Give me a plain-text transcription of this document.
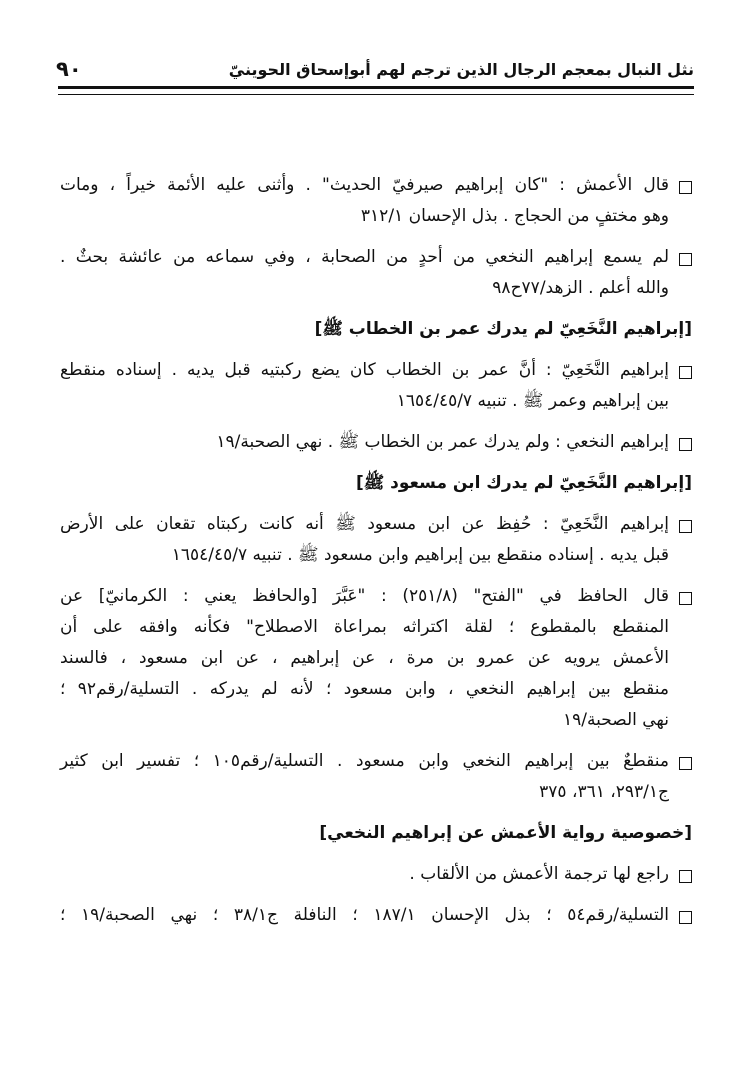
نثل النبال بمعجم الرجال الذين ترجم لهم أبوإسحاق الحوينيّ
٩٠
قال الأعمش : "كان إبراهيم صيرفيّ الحديث" . وأثنى عليه الأئمة خيراً ، ومات
وهو مختفٍ من الحجاج . بذل الإحسان ٣١٢/١
لم يسمع إبراهيم النخعي من أحدٍ من الصحابة ، وفي سماعه من عائشة بحثٌ .
والله أعلم . الزهد/٧٧ح٩٨
[إبراهيم النَّخَعِيّ لم يدرك عمر بن الخطاب ﷺ]
إبراهيم النَّخَعِيّ : أنَّ عمر بن الخطاب كان يضع ركبتيه قبل يديه . إسناده منقطع
بين إبراهيم وعمر ﷺ . تنبيه ١٦٥٤/٤٥/٧
إبراهيم النخعي : ولم يدرك عمر بن الخطاب ﷺ . نهي الصحبة/١٩
[إبراهيم النَّخَعِيّ لم يدرك ابن مسعود ﷺ]
إبراهيم النَّخَعِيّ : حُفِظ عن ابن مسعود ﷺ أنه كانت ركبتاه تقعان على الأرض
قبل يديه . إسناده منقطع بين إبراهيم وابن مسعود ﷺ . تنبيه ١٦٥٤/٤٥/٧
قال الحافظ في "الفتح" (٢٥١/٨) : "عَبَّرَ [والحافظ يعني : الكرمانيّ] عن
المنقطع بالمقطوع ؛ لقلة اكتراثه بمراعاة الاصطلاح" فكأنه وافقه على أن
الأعمش يرويه عن عمرو بن مرة ، عن إبراهيم ، عن ابن مسعود ، فالسند
منقطع بين إبراهيم النخعي ، وابن مسعود ؛ لأنه لم يدركه . التسلية/رقم٩٢ ؛
نهي الصحبة/١٩
منقطعٌ بين إبراهيم النخعي وابن مسعود . التسلية/رقم١٠٥ ؛ تفسير ابن كثير
ج٢٩٣/١، ٣٦١، ٣٧٥
[خصوصية رواية الأعمش عن إبراهيم النخعي]
راجع لها ترجمة الأعمش من الألقاب .
التسلية/رقم٥٤ ؛ بذل الإحسان ١٨٧/١ ؛ النافلة ج٣٨/١ ؛ نهي الصحبة/١٩ ؛
